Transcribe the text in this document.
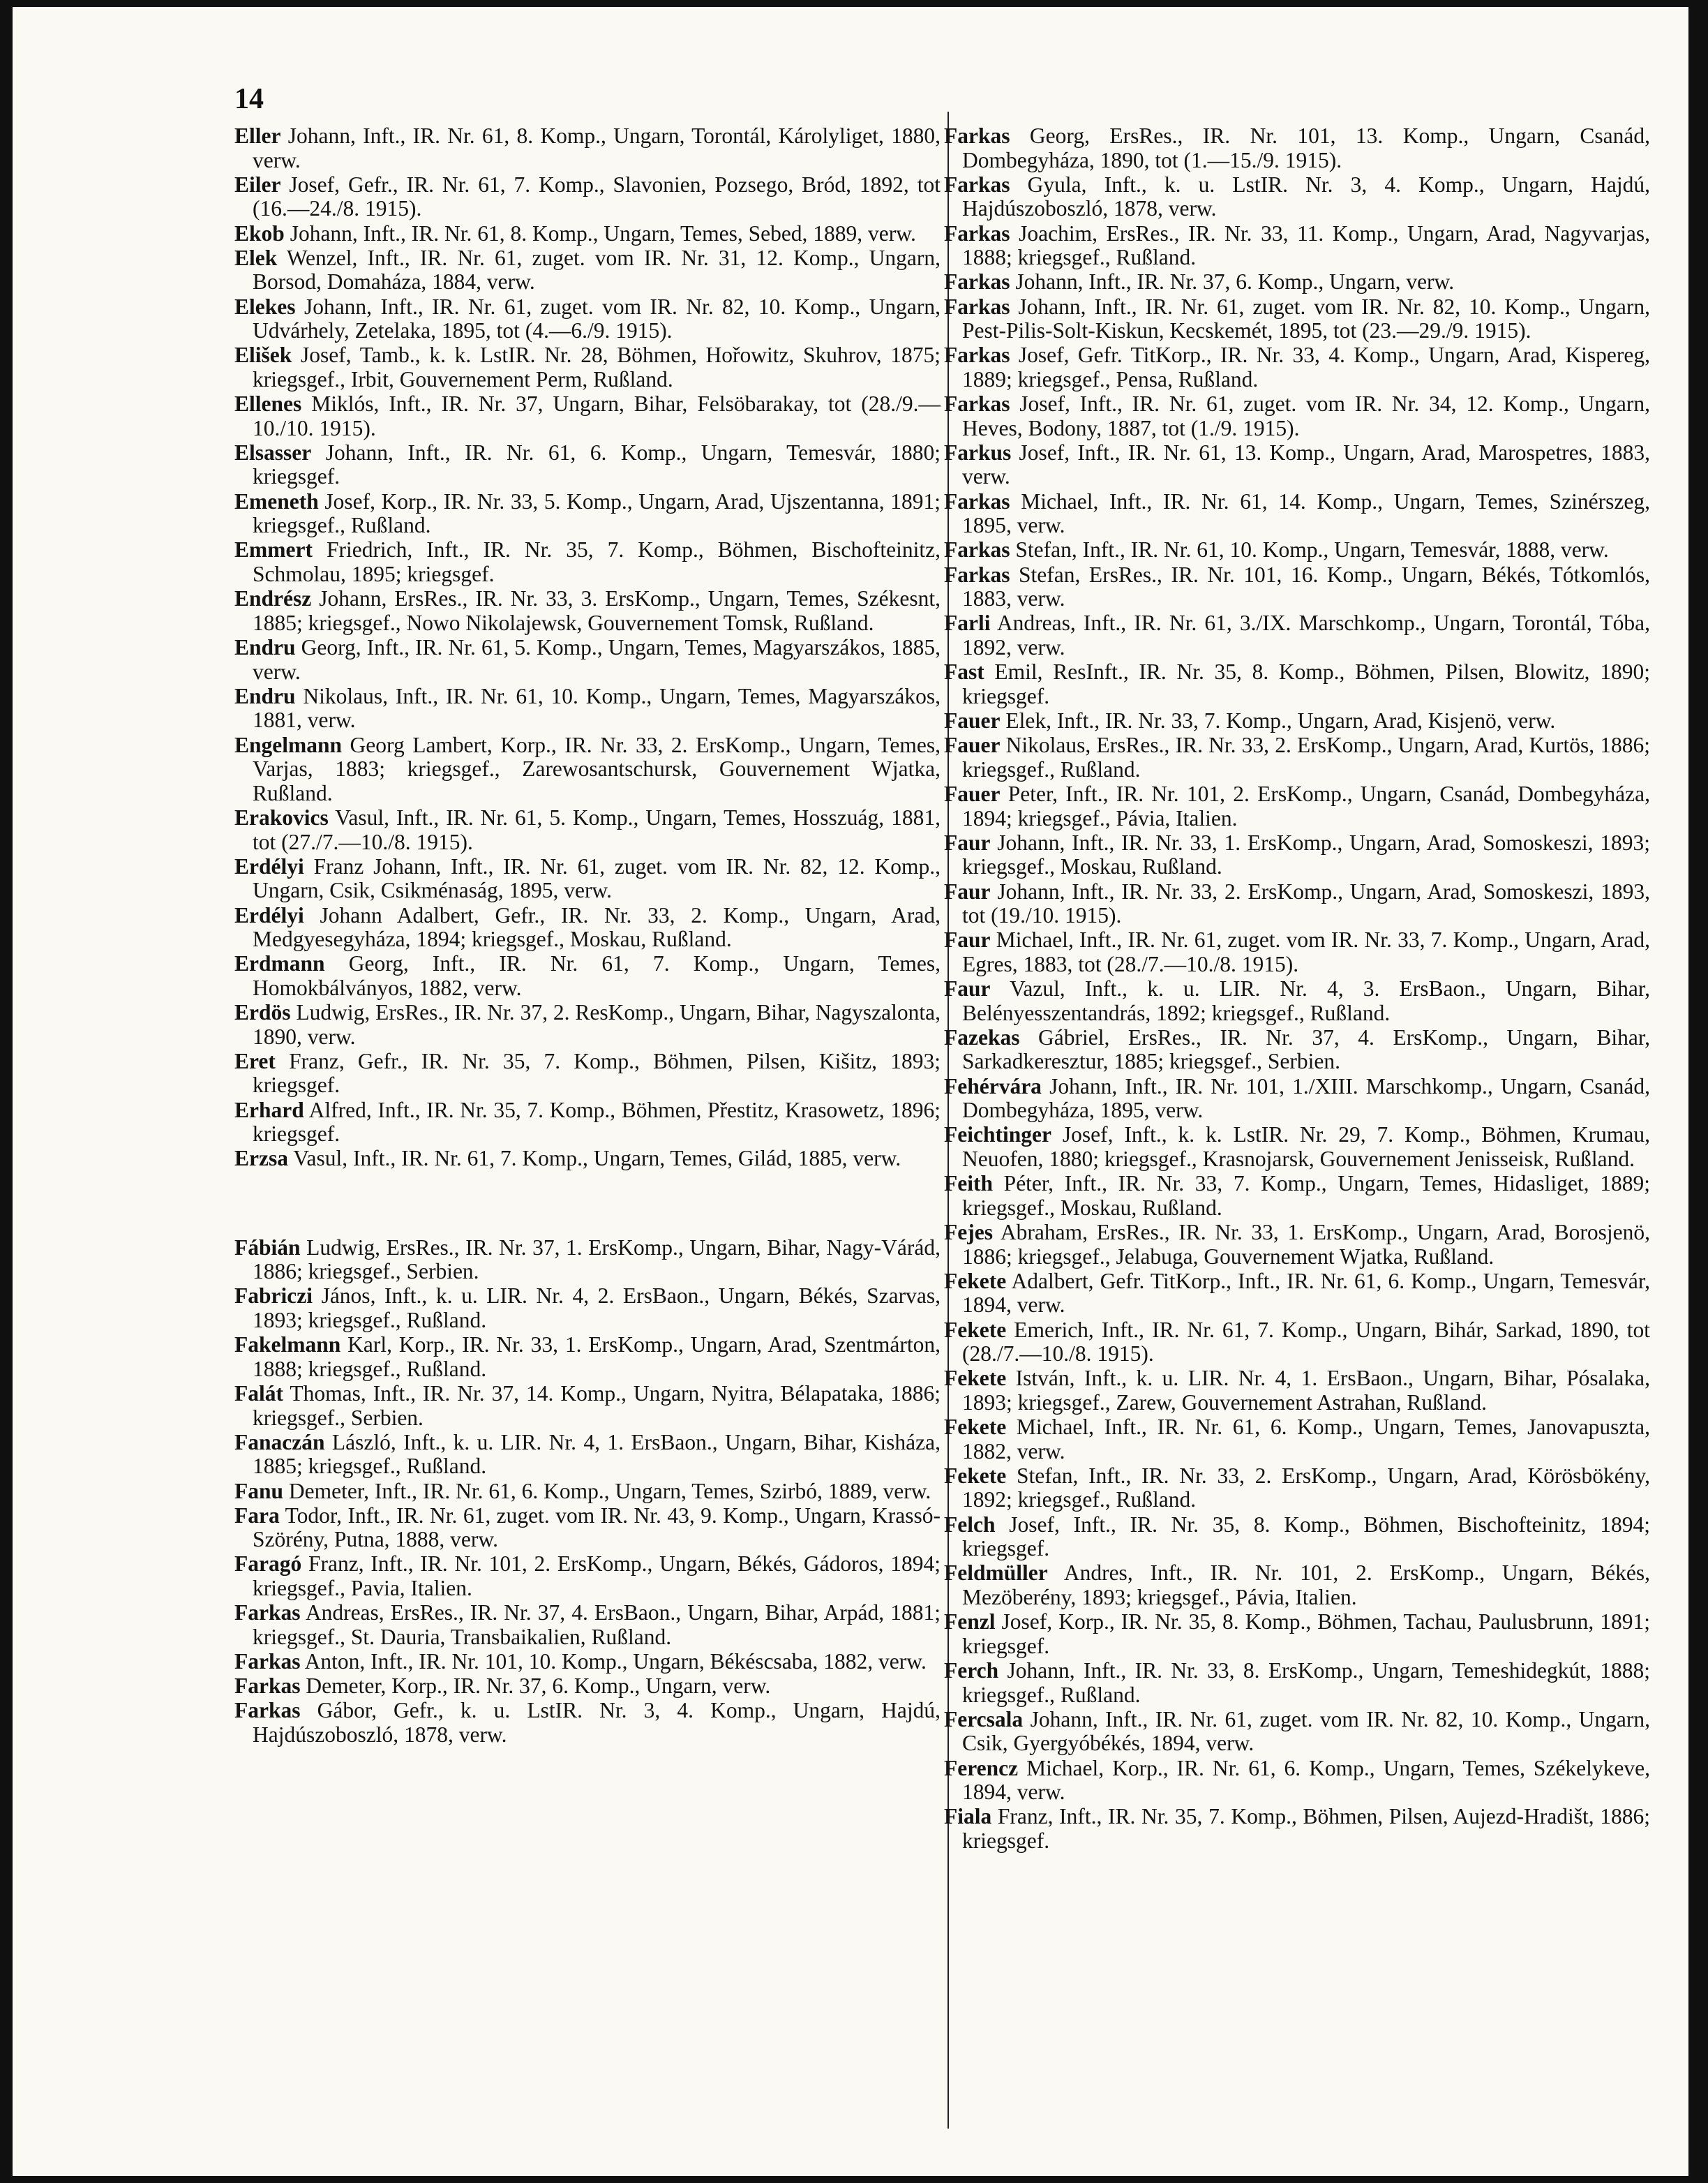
14
Eller Johann, Inft., IR. Nr. 61, 8. Komp., Ungarn, Torontál, Károlyliget, 1880, verw.
Eiler Josef, Gefr., IR. Nr. 61, 7. Komp., Slavonien, Pozsego, Bród, 1892, tot (16.—24./8. 1915).
Ekob Johann, Inft., IR. Nr. 61, 8. Komp., Ungarn, Temes, Sebed, 1889, verw.
Elek Wenzel, Inft., IR. Nr. 61, zuget. vom IR. Nr. 31, 12. Komp., Ungarn, Borsod, Domaháza, 1884, verw.
Elekes Johann, Inft., IR. Nr. 61, zuget. vom IR. Nr. 82, 10. Komp., Ungarn, Udvárhely, Zetelaka, 1895, tot (4.—6./9. 1915).
Elišek Josef, Tamb., k. k. LstIR. Nr. 28, Böhmen, Hořowitz, Skuhrov, 1875; kriegsgef., Irbit, Gouvernement Perm, Rußland.
Ellenes Miklós, Inft., IR. Nr. 37, Ungarn, Bihar, Felsöbarakay, tot (28./9.—10./10. 1915).
Elsasser Johann, Inft., IR. Nr. 61, 6. Komp., Ungarn, Temesvár, 1880; kriegsgef.
Emeneth Josef, Korp., IR. Nr. 33, 5. Komp., Ungarn, Arad, Ujszentanna, 1891; kriegsgef., Rußland.
Emmert Friedrich, Inft., IR. Nr. 35, 7. Komp., Böhmen, Bischofteinitz, Schmolau, 1895; kriegsgef.
Endrész Johann, ErsRes., IR. Nr. 33, 3. ErsKomp., Ungarn, Temes, Székesnt, 1885; kriegsgef., Nowo Nikolajewsk, Gouvernement Tomsk, Rußland.
Endru Georg, Inft., IR. Nr. 61, 5. Komp., Ungarn, Temes, Magyarszákos, 1885, verw.
Endru Nikolaus, Inft., IR. Nr. 61, 10. Komp., Ungarn, Temes, Magyarszákos, 1881, verw.
Engelmann Georg Lambert, Korp., IR. Nr. 33, 2. ErsKomp., Ungarn, Temes, Varjas, 1883; kriegsgef., Zarewosantschursk, Gouvernement Wjatka, Rußland.
Erakovics Vasul, Inft., IR. Nr. 61, 5. Komp., Ungarn, Temes, Hosszuág, 1881, tot (27./7.—10./8. 1915).
Erdélyi Franz Johann, Inft., IR. Nr. 61, zuget. vom IR. Nr. 82, 12. Komp., Ungarn, Csik, Csikménaság, 1895, verw.
Erdélyi Johann Adalbert, Gefr., IR. Nr. 33, 2. Komp., Ungarn, Arad, Medgyesegyháza, 1894; kriegsgef., Moskau, Rußland.
Erdmann Georg, Inft., IR. Nr. 61, 7. Komp., Ungarn, Temes, Homokbálványos, 1882, verw.
Erdös Ludwig, ErsRes., IR. Nr. 37, 2. ResKomp., Ungarn, Bihar, Nagyszalonta, 1890, verw.
Eret Franz, Gefr., IR. Nr. 35, 7. Komp., Böhmen, Pilsen, Kišitz, 1893; kriegsgef.
Erhard Alfred, Inft., IR. Nr. 35, 7. Komp., Böhmen, Přestitz, Krasowetz, 1896; kriegsgef.
Erzsa Vasul, Inft., IR. Nr. 61, 7. Komp., Ungarn, Temes, Gilád, 1885, verw.
Fábián Ludwig, ErsRes., IR. Nr. 37, 1. ErsKomp., Ungarn, Bihar, Nagy-Várád, 1886; kriegsgef., Serbien.
Fabriczi János, Inft., k. u. LIR. Nr. 4, 2. ErsBaon., Ungarn, Békés, Szarvas, 1893; kriegsgef., Rußland.
Fakelmann Karl, Korp., IR. Nr. 33, 1. ErsKomp., Ungarn, Arad, Szentmárton, 1888; kriegsgef., Rußland.
Falát Thomas, Inft., IR. Nr. 37, 14. Komp., Ungarn, Nyitra, Bélapataka, 1886; kriegsgef., Serbien.
Fanaczán László, Inft., k. u. LIR. Nr. 4, 1. ErsBaon., Ungarn, Bihar, Kisháza, 1885; kriegsgef., Rußland.
Fanu Demeter, Inft., IR. Nr. 61, 6. Komp., Ungarn, Temes, Szirbó, 1889, verw.
Fara Todor, Inft., IR. Nr. 61, zuget. vom IR. Nr. 43, 9. Komp., Ungarn, Krassó-Szörény, Putna, 1888, verw.
Faragó Franz, Inft., IR. Nr. 101, 2. ErsKomp., Ungarn, Békés, Gádoros, 1894; kriegsgef., Pavia, Italien.
Farkas Andreas, ErsRes., IR. Nr. 37, 4. ErsBaon., Ungarn, Bihar, Arpád, 1881; kriegsgef., St. Dauria, Transbaikalien, Rußland.
Farkas Anton, Inft., IR. Nr. 101, 10. Komp., Ungarn, Békéscsaba, 1882, verw.
Farkas Demeter, Korp., IR. Nr. 37, 6. Komp., Ungarn, verw.
Farkas Gábor, Gefr., k. u. LstIR. Nr. 3, 4. Komp., Ungarn, Hajdú, Hajdúszoboszló, 1878, verw.
Farkas Georg, ErsRes., IR. Nr. 101, 13. Komp., Ungarn, Csanád, Dombegyháza, 1890, tot (1.—15./9. 1915).
Farkas Gyula, Inft., k. u. LstIR. Nr. 3, 4. Komp., Ungarn, Hajdú, Hajdúszoboszló, 1878, verw.
Farkas Joachim, ErsRes., IR. Nr. 33, 11. Komp., Ungarn, Arad, Nagyvarjas, 1888; kriegsgef., Rußland.
Farkas Johann, Inft., IR. Nr. 37, 6. Komp., Ungarn, verw.
Farkas Johann, Inft., IR. Nr. 61, zuget. vom IR. Nr. 82, 10. Komp., Ungarn, Pest-Pilis-Solt-Kiskun, Kecskemét, 1895, tot (23.—29./9. 1915).
Farkas Josef, Gefr. TitKorp., IR. Nr. 33, 4. Komp., Ungarn, Arad, Kispereg, 1889; kriegsgef., Pensa, Rußland.
Farkas Josef, Inft., IR. Nr. 61, zuget. vom IR. Nr. 34, 12. Komp., Ungarn, Heves, Bodony, 1887, tot (1./9. 1915).
Farkus Josef, Inft., IR. Nr. 61, 13. Komp., Ungarn, Arad, Marospetres, 1883, verw.
Farkas Michael, Inft., IR. Nr. 61, 14. Komp., Ungarn, Temes, Szinérszeg, 1895, verw.
Farkas Stefan, Inft., IR. Nr. 61, 10. Komp., Ungarn, Temesvár, 1888, verw.
Farkas Stefan, ErsRes., IR. Nr. 101, 16. Komp., Ungarn, Békés, Tótkomlós, 1883, verw.
Farli Andreas, Inft., IR. Nr. 61, 3./IX. Marschkomp., Ungarn, Torontál, Tóba, 1892, verw.
Fast Emil, ResInft., IR. Nr. 35, 8. Komp., Böhmen, Pilsen, Blowitz, 1890; kriegsgef.
Fauer Elek, Inft., IR. Nr. 33, 7. Komp., Ungarn, Arad, Kisjenö, verw.
Fauer Nikolaus, ErsRes., IR. Nr. 33, 2. ErsKomp., Ungarn, Arad, Kurtös, 1886; kriegsgef., Rußland.
Fauer Peter, Inft., IR. Nr. 101, 2. ErsKomp., Ungarn, Csanád, Dombegyháza, 1894; kriegsgef., Pávia, Italien.
Faur Johann, Inft., IR. Nr. 33, 1. ErsKomp., Ungarn, Arad, Somoskeszi, 1893; kriegsgef., Moskau, Rußland.
Faur Johann, Inft., IR. Nr. 33, 2. ErsKomp., Ungarn, Arad, Somoskeszi, 1893, tot (19./10. 1915).
Faur Michael, Inft., IR. Nr. 61, zuget. vom IR. Nr. 33, 7. Komp., Ungarn, Arad, Egres, 1883, tot (28./7.—10./8. 1915).
Faur Vazul, Inft., k. u. LIR. Nr. 4, 3. ErsBaon., Ungarn, Bihar, Belényesszentandrás, 1892; kriegsgef., Rußland.
Fazekas Gábriel, ErsRes., IR. Nr. 37, 4. ErsKomp., Ungarn, Bihar, Sarkadkeresztur, 1885; kriegsgef., Serbien.
Fehérvára Johann, Inft., IR. Nr. 101, 1./XIII. Marschkomp., Ungarn, Csanád, Dombegyháza, 1895, verw.
Feichtinger Josef, Inft., k. k. LstIR. Nr. 29, 7. Komp., Böhmen, Krumau, Neuofen, 1880; kriegsgef., Krasnojarsk, Gouvernement Jenisseisk, Rußland.
Feith Péter, Inft., IR. Nr. 33, 7. Komp., Ungarn, Temes, Hidasliget, 1889; kriegsgef., Moskau, Rußland.
Fejes Abraham, ErsRes., IR. Nr. 33, 1. ErsKomp., Ungarn, Arad, Borosjenö, 1886; kriegsgef., Jelabuga, Gouvernement Wjatka, Rußland.
Fekete Adalbert, Gefr. TitKorp., Inft., IR. Nr. 61, 6. Komp., Ungarn, Temesvár, 1894, verw.
Fekete Emerich, Inft., IR. Nr. 61, 7. Komp., Ungarn, Bihár, Sarkad, 1890, tot (28./7.—10./8. 1915).
Fekete István, Inft., k. u. LIR. Nr. 4, 1. ErsBaon., Ungarn, Bihar, Pósalaka, 1893; kriegsgef., Zarew, Gouvernement Astrahan, Rußland.
Fekete Michael, Inft., IR. Nr. 61, 6. Komp., Ungarn, Temes, Janovapuszta, 1882, verw.
Fekete Stefan, Inft., IR. Nr. 33, 2. ErsKomp., Ungarn, Arad, Körösbökény, 1892; kriegsgef., Rußland.
Felch Josef, Inft., IR. Nr. 35, 8. Komp., Böhmen, Bischofteinitz, 1894; kriegsgef.
Feldmüller Andres, Inft., IR. Nr. 101, 2. ErsKomp., Ungarn, Békés, Mezöberény, 1893; kriegsgef., Pávia, Italien.
Fenzl Josef, Korp., IR. Nr. 35, 8. Komp., Böhmen, Tachau, Paulusbrunn, 1891; kriegsgef.
Ferch Johann, Inft., IR. Nr. 33, 8. ErsKomp., Ungarn, Temeshidegkút, 1888; kriegsgef., Rußland.
Fercsala Johann, Inft., IR. Nr. 61, zuget. vom IR. Nr. 82, 10. Komp., Ungarn, Csik, Gyergyóbékés, 1894, verw.
Ferencz Michael, Korp., IR. Nr. 61, 6. Komp., Ungarn, Temes, Székelykeve, 1894, verw.
Fiala Franz, Inft., IR. Nr. 35, 7. Komp., Böhmen, Pilsen, Aujezd-Hradišt, 1886; kriegsgef.
